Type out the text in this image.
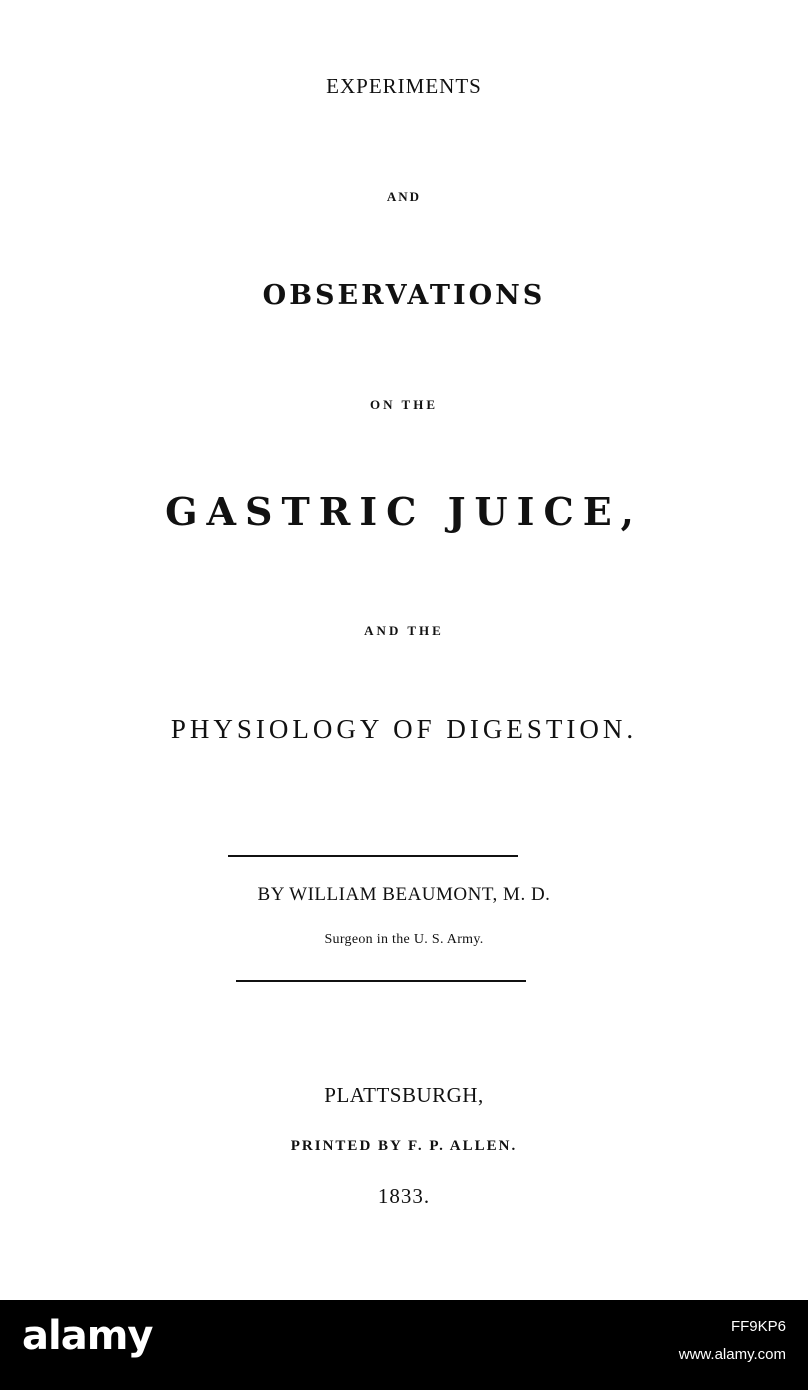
EXPERIMENTS
AND
OBSERVATIONS
ON THE
GASTRIC JUICE,
AND THE
PHYSIOLOGY OF DIGESTION.
BY WILLIAM BEAUMONT, M. D.
Surgeon in the U. S. Army.
PLATTSBURGH,
PRINTED BY F. P. ALLEN.
1833.
alamy	FF9KP6
www.alamy.com
